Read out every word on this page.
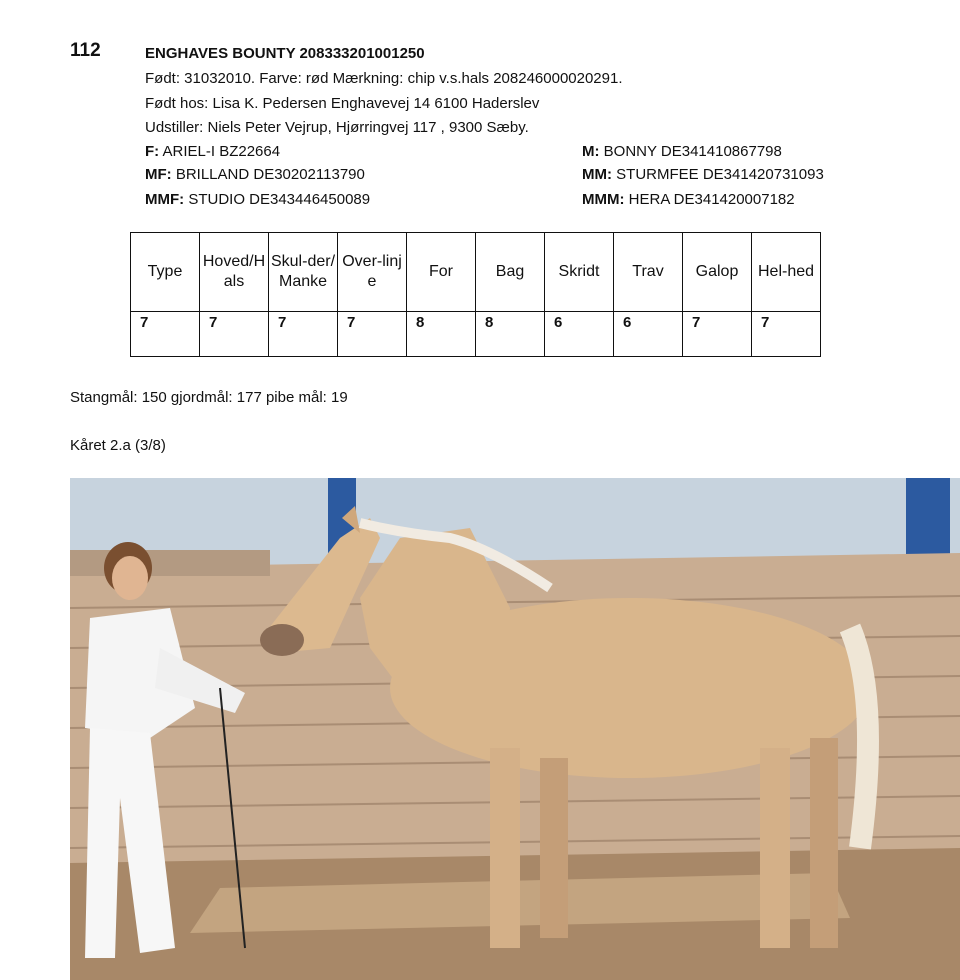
112	ENGHAVES BOUNTY 208333201001250
Født: 31032010. Farve: rød Mærkning: chip v.s.hals 208246000020291.
Født hos: Lisa K. Pedersen Enghavevej 14 6100 Haderslev
Udstiller: Niels Peter Vejrup, Hjørringvej 117 , 9300 Sæby.
F: ARIEL-I BZ22664
MF: BRILLAND DE30202113790
MMF: STUDIO DE343446450089
M: BONNY DE341410867798
MM: STURMFEE DE341420731093
MMM: HERA DE341420007182
Type	Hoved/Hals	Skul-der/Manke	Over-linje	For	Bag	Skridt	Trav	Galop	Hel-hed
7	7	7	7	8	8	6	6	7	7
Stangmål: 150 gjordmål: 177 pibe mål: 19
Kåret 2.a (3/8)
